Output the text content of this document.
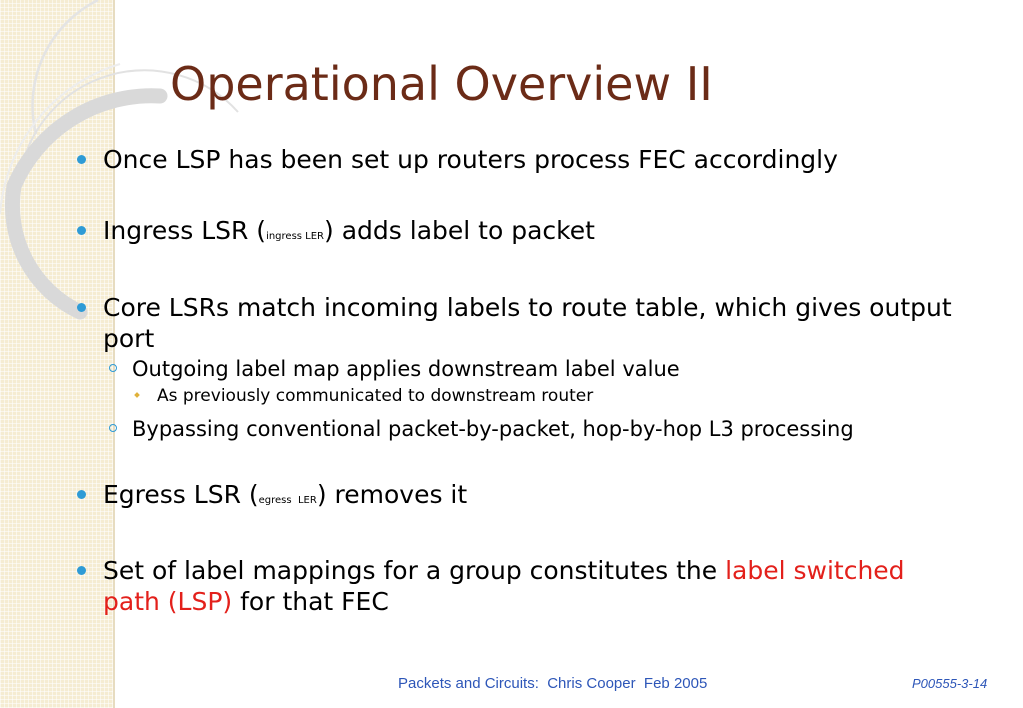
Operational Overview II
Once LSP has been set up routers process FEC accordingly
Ingress LSR (ingress LER) adds label to packet
Core LSRs match incoming labels to route table, which gives output port
Outgoing label map applies downstream label value
As previously communicated to downstream router
Bypassing conventional packet-by-packet, hop-by-hop L3 processing
Egress LSR (egress  LER) removes it
Set of label mappings for a group constitutes the label switched path (LSP) for that FEC
Packets and Circuits:  Chris Cooper  Feb 2005	P00555-3-14
